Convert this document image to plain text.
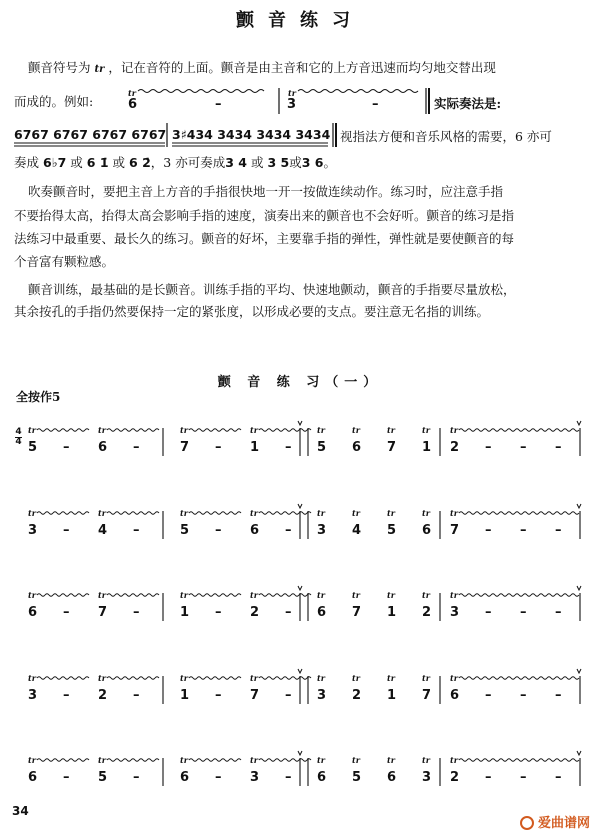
颤音练习
颤音符号为 tr ，记在音符的上面。颤音是由主音和它的上方音迅速而均匀地交替出现
而成的。例如:
tr	tr
6	–	3	–	实际奏法是:
6767 6767 6767 6767 3♯434 3434 3434 3434 视指法方便和音乐风格的需要，6 亦可
奏成 6♭7 或 6 1̇ 或 6 2̇，3 亦可奏成3 4 或 3 5或3 6。
吹奏颤音时，要把主音上方音的手指很快地一开一按做连续动作。练习时，应注意手指
不要抬得太高，抬得太高会影响手指的速度，演奏出来的颤音也不会好听。颤音的练习是指
法练习中最重要、最长久的练习。颤音的好坏，主要靠手指的弹性，弹性就是要使颤音的每
个音富有颗粒感。
颤音训练，最基础的是长颤音。训练手指的平均、快速地颤动，颤音的手指要尽量放松，
其余按孔的手指仍然要保持一定的紧张度，以形成必要的支点。要注意无名指的训练。
颤 音 练 习（一）
全按作5
4
4 5
tr
– 6
tr
–	7
tr
– 1
tr
– 5
tr
6
tr
7
tr
1
tr
2
tr
– – –
3
tr
– 4
tr
–	5
tr
– 6
tr
– 3
tr
4
tr
5
tr
6
tr
7
tr
– – –
6
tr
– 7
tr
–	1
tr
– 2
tr
– 6
tr
7
tr
1
tr
2
tr
3
tr
– – –
3
tr
– 2
tr
–	1
tr
– 7
tr
– 3
tr
2
tr
1
tr
7
tr
6
tr
– – –
6
tr
– 5
tr
–	6
tr
– 3
tr
– 6
tr
5
tr
6
tr
3
tr
2
tr
– – –
34
爱曲谱网
